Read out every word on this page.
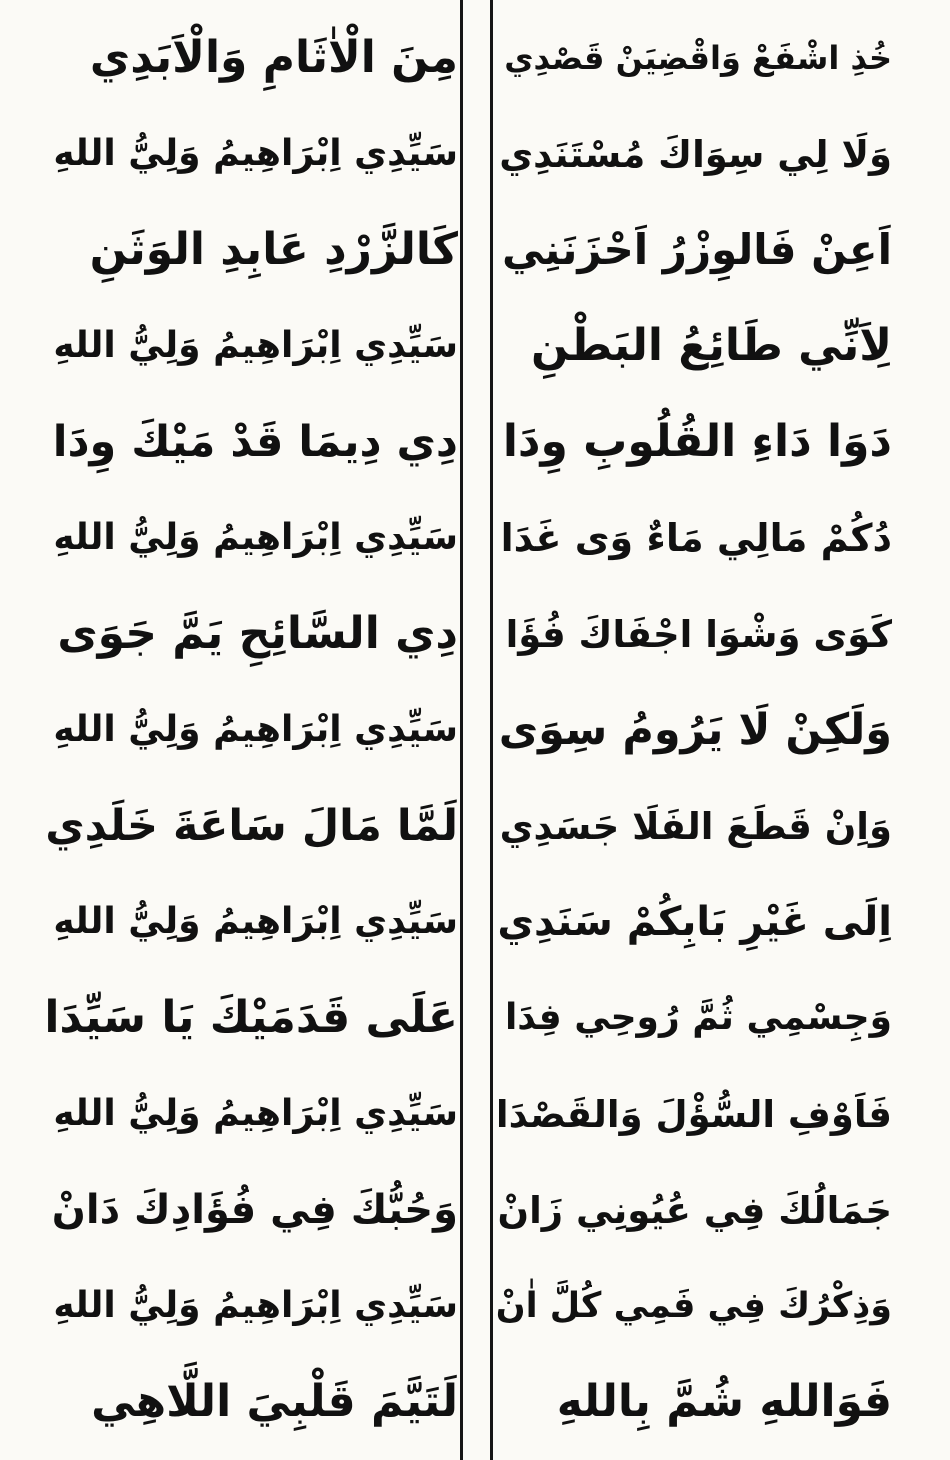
خُذِ اشْفَعْ وَاقْضِيَنْ قَصْدِي
وَلَا لِي سِوَاكَ مُسْتَنَدِي
اَعِنْ فَالوِزْرُ اَحْزَنَنِي
لِاَنِّي طَائِعُ البَطْنِ
دَوَا دَاءِ القُلُوبِ وِدَا
دُكُمْ مَالِي مَاءٌ وَى غَدَا
كَوَى وَشْوَا اجْفَاكَ فُؤَا
وَلَكِنْ لَا يَرُومُ سِوَى
وَاِنْ قَطَعَ الفَلَا جَسَدِي
اِلَى غَيْرِ بَابِكُمْ سَنَدِي
وَجِسْمِي ثُمَّ رُوحِي فِدَا
فَاَوْفِ السُّؤْلَ وَالقَصْدَا
جَمَالُكَ فِي عُيُونِي زَانْ
وَذِكْرُكَ فِي فَمِي كُلَّ اٰنْ
فَوَاللهِ شُمَّ بِاللهِ
مِنَ الْاٰثَامِ وَالْاَبَدِي
سَيِّدِي اِبْرَاهِيمُ وَلِيُّ اللهِ
كَالزَّرْدِ عَابِدِ الوَثَنِ
سَيِّدِي اِبْرَاهِيمُ وَلِيُّ اللهِ
دِي دِيمَا قَدْ مَيْكَ وِدَا
سَيِّدِي اِبْرَاهِيمُ وَلِيُّ اللهِ
دِي السَّائِحِ يَمَّ جَوَى
سَيِّدِي اِبْرَاهِيمُ وَلِيُّ اللهِ
لَمَّا مَالَ سَاعَةَ خَلَدِي
سَيِّدِي اِبْرَاهِيمُ وَلِيُّ اللهِ
عَلَى قَدَمَيْكَ يَا سَيِّدَا
سَيِّدِي اِبْرَاهِيمُ وَلِيُّ اللهِ
وَحُبُّكَ فِي فُؤَادِكَ دَانْ
سَيِّدِي اِبْرَاهِيمُ وَلِيُّ اللهِ
لَتَيَّمَ قَلْبِيَ اللَّاهِي
